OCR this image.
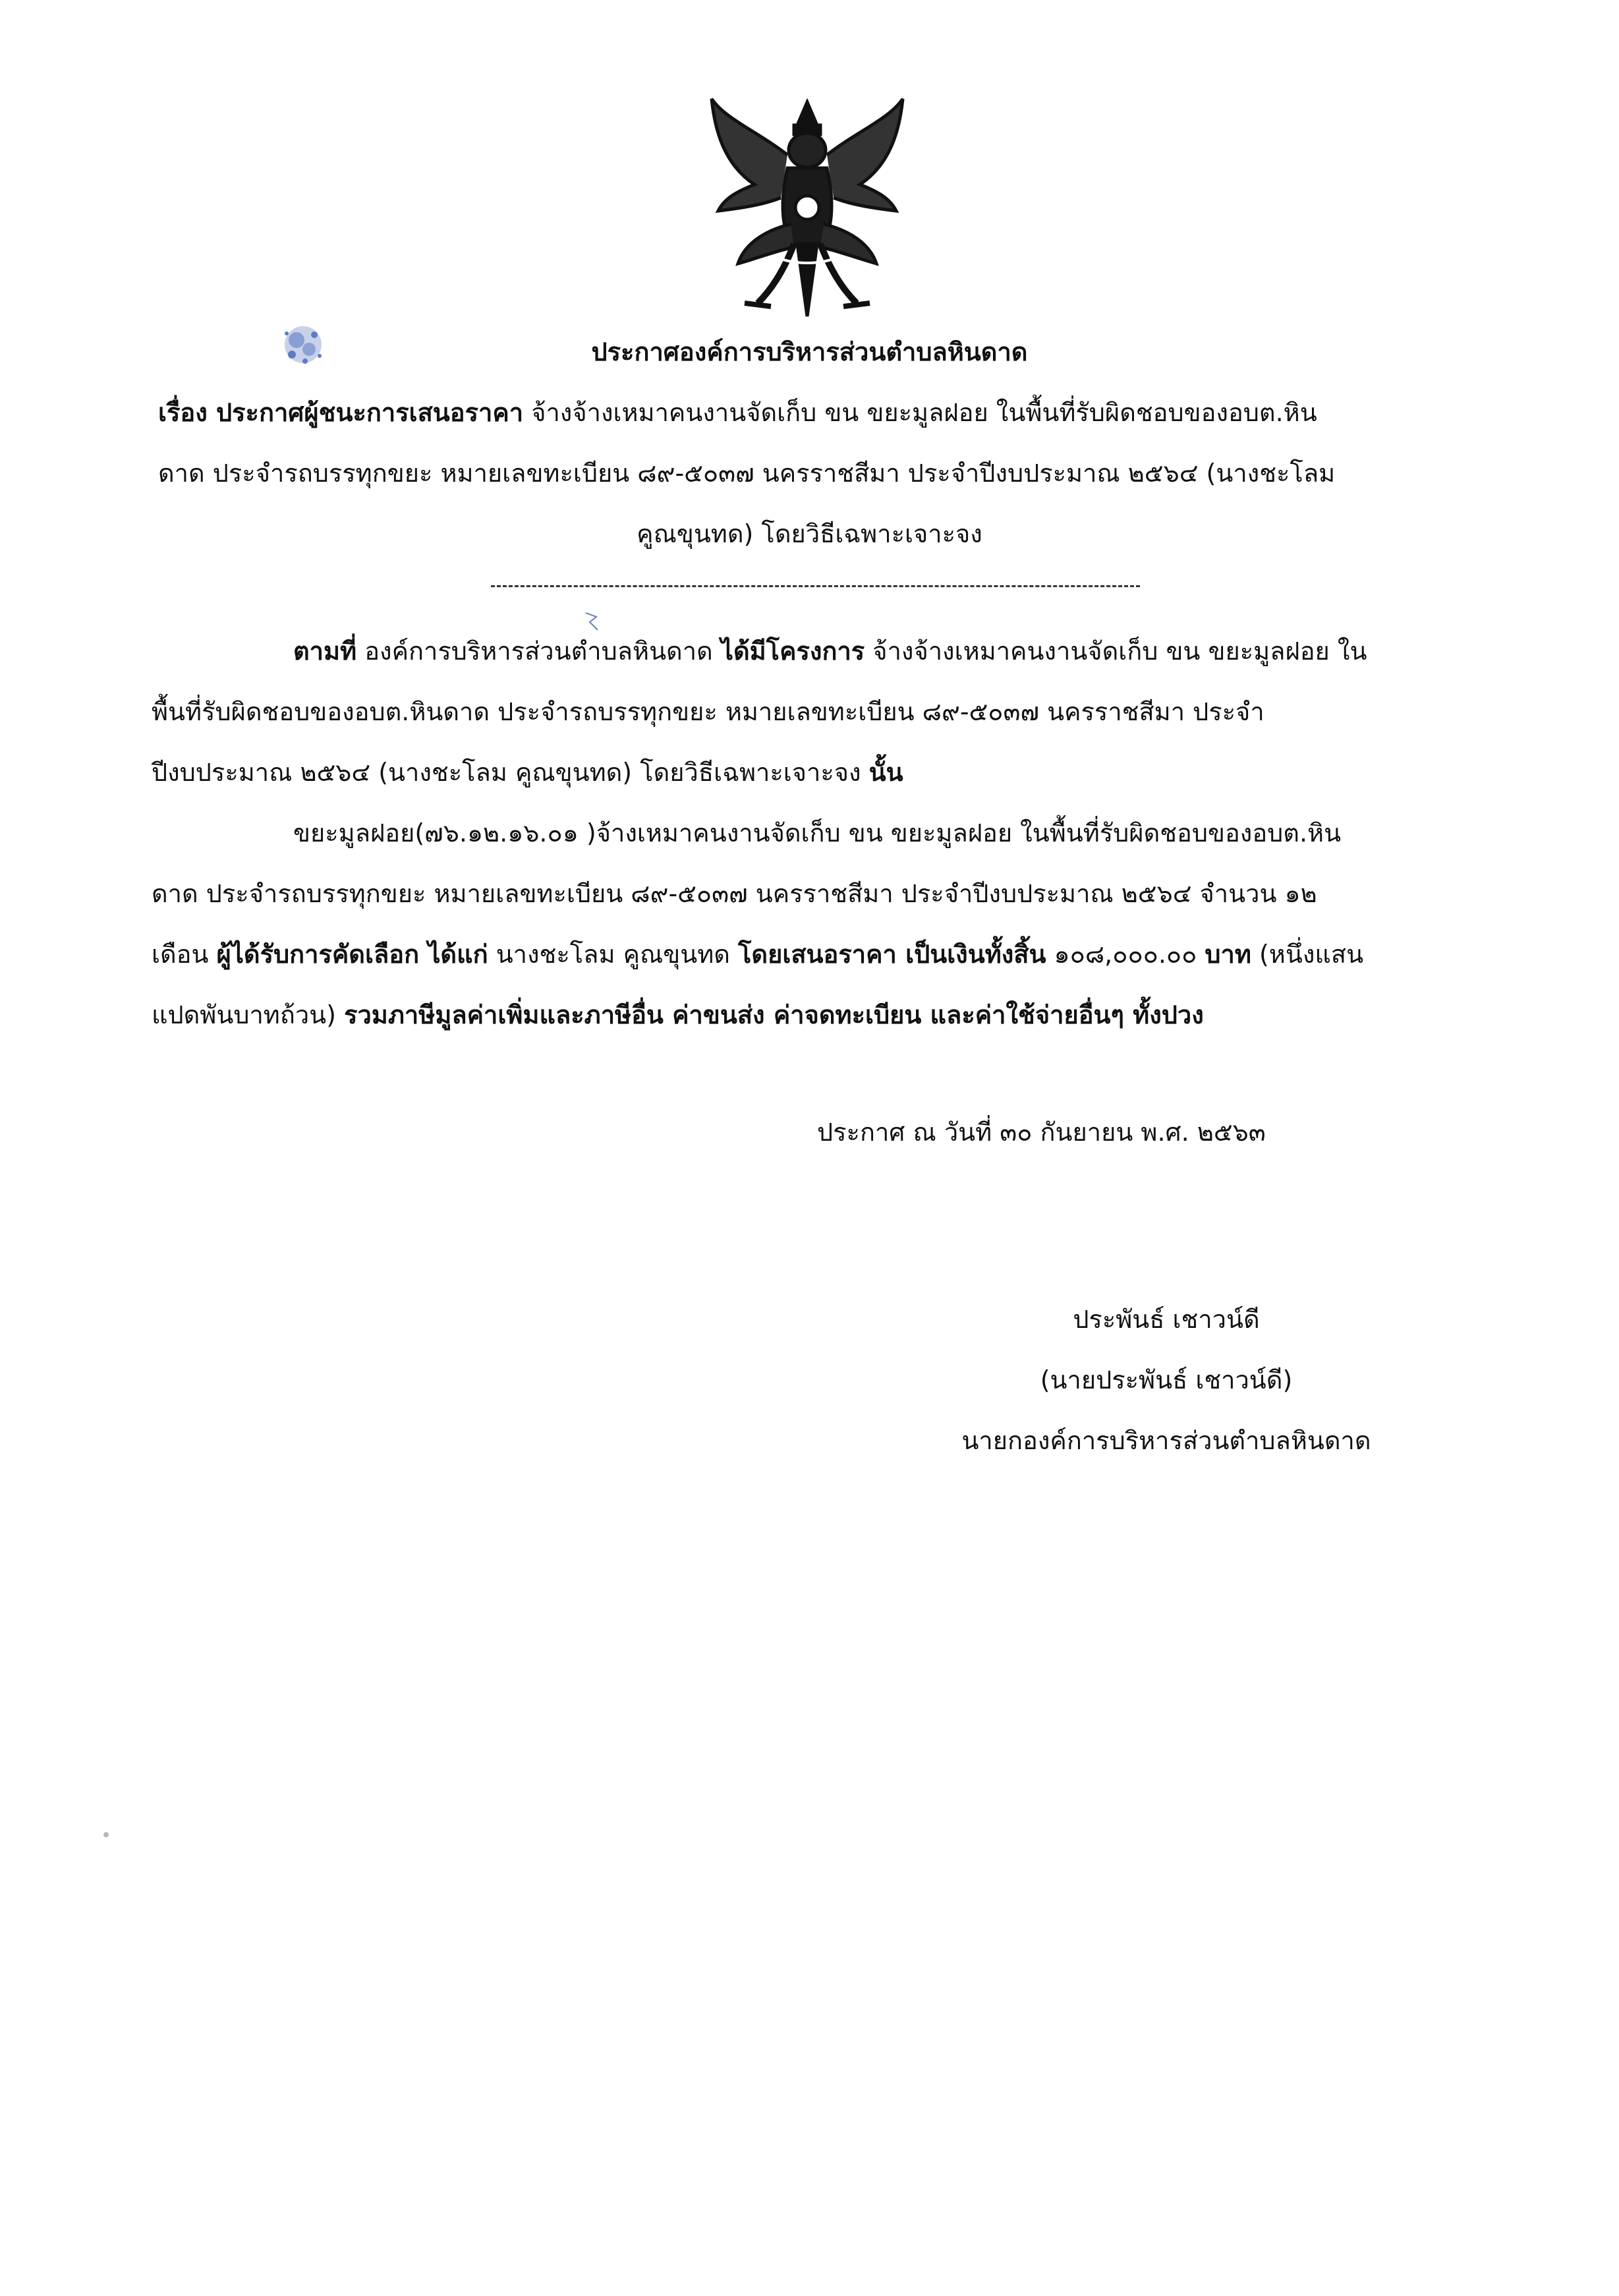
ประกาศองค์การบริหารส่วนตำบลหินดาด
เรื่อง ประกาศผู้ชนะการเสนอราคา จ้างจ้างเหมาคนงานจัดเก็บ ขน ขยะมูลฝอย ในพื้นที่รับผิดชอบของอบต.หิน
ดาด ประจำรถบรรทุกขยะ หมายเลขทะเบียน ๘๙-๕๐๓๗ นครราชสีมา ประจำปีงบประมาณ ๒๕๖๔ (นางชะโลม
คูณขุนทด) โดยวิธีเฉพาะเจาะจง
ตามที่ องค์การบริหารส่วนตำบลหินดาด ได้มีโครงการ จ้างจ้างเหมาคนงานจัดเก็บ ขน ขยะมูลฝอย ใน
พื้นที่รับผิดชอบของอบต.หินดาด ประจำรถบรรทุกขยะ หมายเลขทะเบียน ๘๙-๕๐๓๗ นครราชสีมา ประจำ
ปีงบประมาณ ๒๕๖๔ (นางชะโลม คูณขุนทด) โดยวิธีเฉพาะเจาะจง นั้น
ขยะมูลฝอย(๗๖.๑๒.๑๖.๐๑ )จ้างเหมาคนงานจัดเก็บ ขน ขยะมูลฝอย ในพื้นที่รับผิดชอบของอบต.หิน
ดาด ประจำรถบรรทุกขยะ หมายเลขทะเบียน ๘๙-๕๐๓๗ นครราชสีมา ประจำปีงบประมาณ ๒๕๖๔ จำนวน ๑๒
เดือน ผู้ได้รับการคัดเลือก ได้แก่ นางชะโลม คูณขุนทด โดยเสนอราคา เป็นเงินทั้งสิ้น ๑๐๘,๐๐๐.๐๐ บาท (หนึ่งแสน
แปดพันบาทถ้วน) รวมภาษีมูลค่าเพิ่มและภาษีอื่น ค่าขนส่ง ค่าจดทะเบียน และค่าใช้จ่ายอื่นๆ ทั้งปวง
ประกาศ ณ วันที่ ๓๐ กันยายน พ.ศ. ๒๕๖๓
ประพันธ์ เชาวน์ดี
(นายประพันธ์ เชาวน์ดี)
นายกองค์การบริหารส่วนตำบลหินดาด
